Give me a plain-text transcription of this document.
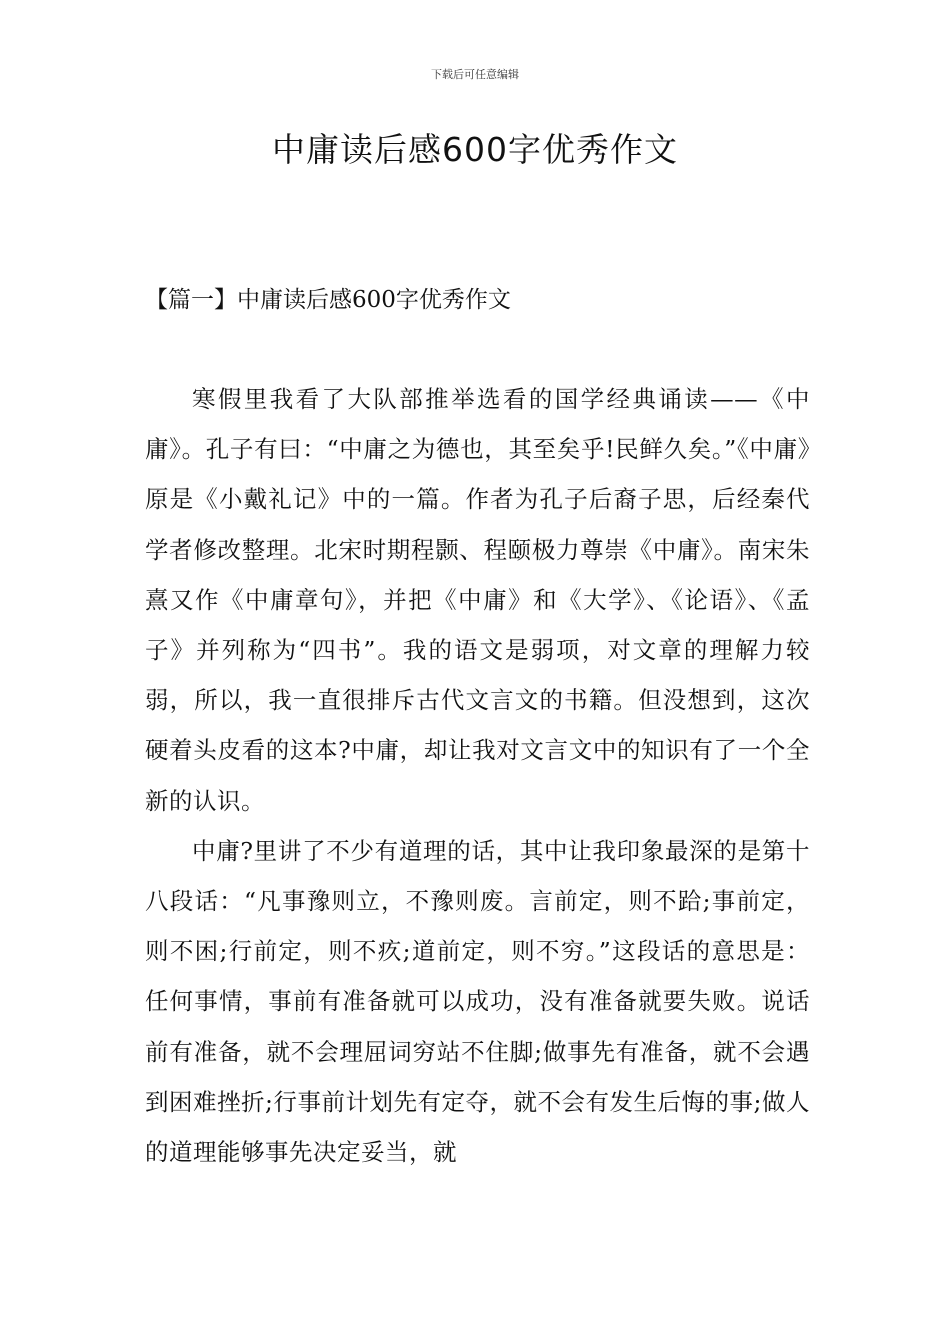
下载后可任意编辑
中庸读后感600字优秀作文
【篇一】中庸读后感600字优秀作文

寒假里我看了大队部推举选看的国学经典诵读——《中庸》。孔子有曰：“中庸之为德也，其至矣乎!民鲜久矣。”《中庸》原是《小戴礼记》中的一篇。作者为孔子后裔子思，后经秦代学者修改整理。北宋时期程颢、程颐极力尊崇《中庸》。南宋朱熹又作《中庸章句》，并把《中庸》和《大学》、《论语》、《孟子》并列称为“四书”。我的语文是弱项，对文章的理解力较弱，所以，我一直很排斥古代文言文的书籍。但没想到，这次硬着头皮看的这本?中庸，却让我对文言文中的知识有了一个全新的认识。

中庸?里讲了不少有道理的话，其中让我印象最深的是第十八段话：“凡事豫则立，不豫则废。言前定，则不跲;事前定，则不困;行前定，则不疚;道前定，则不穷。”这段话的意思是：任何事情，事前有准备就可以成功，没有准备就要失败。说话前有准备，就不会理屈词穷站不住脚;做事先有准备，就不会遇到困难挫折;行事前计划先有定夺，就不会有发生后悔的事;做人的道理能够事先决定妥当，就
